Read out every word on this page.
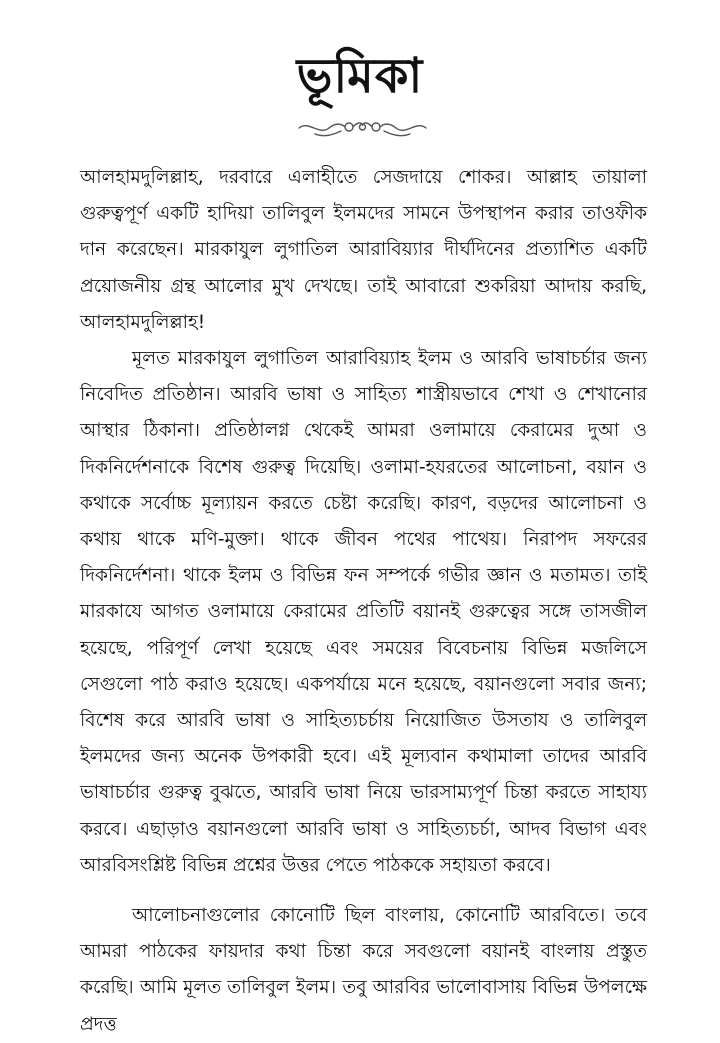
ভূমিকা

আলহামদুলিল্লাহ, দরবারে এলাহীতে সেজদায়ে শোকর। আল্লাহ তায়ালা গুরুত্বপূর্ণ একটি হাদিয়া তালিবুল ইলমদের সামনে উপস্থাপন করার তাওফীক দান করেছেন। মারকাযুল লুগাতিল আরাবিয়্যার দীর্ঘদিনের প্রত্যাশিত একটি প্রয়োজনীয় গ্রন্থ আলোর মুখ দেখছে। তাই আবারো শুকরিয়া আদায় করছি, আলহামদুলিল্লাহ!

মূলত মারকাযুল লুগাতিল আরাবিয়্যাহ ইলম ও আরবি ভাষাচর্চার জন্য নিবেদিত প্রতিষ্ঠান। আরবি ভাষা ও সাহিত্য শাস্ত্রীয়ভাবে শেখা ও শেখানোর আস্থার ঠিকানা। প্রতিষ্ঠালগ্ন থেকেই আমরা ওলামায়ে কেরামের দুআ ও দিকনির্দেশনাকে বিশেষ গুরুত্ব দিয়েছি। ওলামা-হযরতের আলোচনা, বয়ান ও কথাকে সর্বোচ্চ মূল্যায়ন করতে চেষ্টা করেছি। কারণ, বড়দের আলোচনা ও কথায় থাকে মণি-মুক্তা। থাকে জীবন পথের পাথেয়। নিরাপদ সফরের দিকনির্দেশনা। থাকে ইলম ও বিভিন্ন ফন সম্পর্কে গভীর জ্ঞান ও মতামত। তাই মারকাযে আগত ওলামায়ে কেরামের প্রতিটি বয়ানই গুরুত্বের সঙ্গে তাসজীল হয়েছে, পরিপূর্ণ লেখা হয়েছে এবং সময়ের বিবেচনায় বিভিন্ন মজলিসে সেগুলো পাঠ করাও হয়েছে। একপর্যায়ে মনে হয়েছে, বয়ানগুলো সবার জন্য; বিশেষ করে আরবি ভাষা ও সাহিত্যচর্চায় নিয়োজিত উসতায ও তালিবুল ইলমদের জন্য অনেক উপকারী হবে। এই মূল্যবান কথামালা তাদের আরবি ভাষাচর্চার গুরুত্ব বুঝতে, আরবি ভাষা নিয়ে ভারসাম্যপূর্ণ চিন্তা করতে সাহায্য করবে। এছাড়াও বয়ানগুলো আরবি ভাষা ও সাহিত্যচর্চা, আদব বিভাগ এবং আরবিসংশ্লিষ্ট বিভিন্ন প্রশ্নের উত্তর পেতে পাঠককে সহায়তা করবে।

আলোচনাগুলোর কোনোটি ছিল বাংলায়, কোনোটি আরবিতে। তবে আমরা পাঠকের ফায়দার কথা চিন্তা করে সবগুলো বয়ানই বাংলায় প্রস্তুত করেছি। আমি মূলত তালিবুল ইলম। তবু আরবির ভালোবাসায় বিভিন্ন উপলক্ষে প্রদত্ত
